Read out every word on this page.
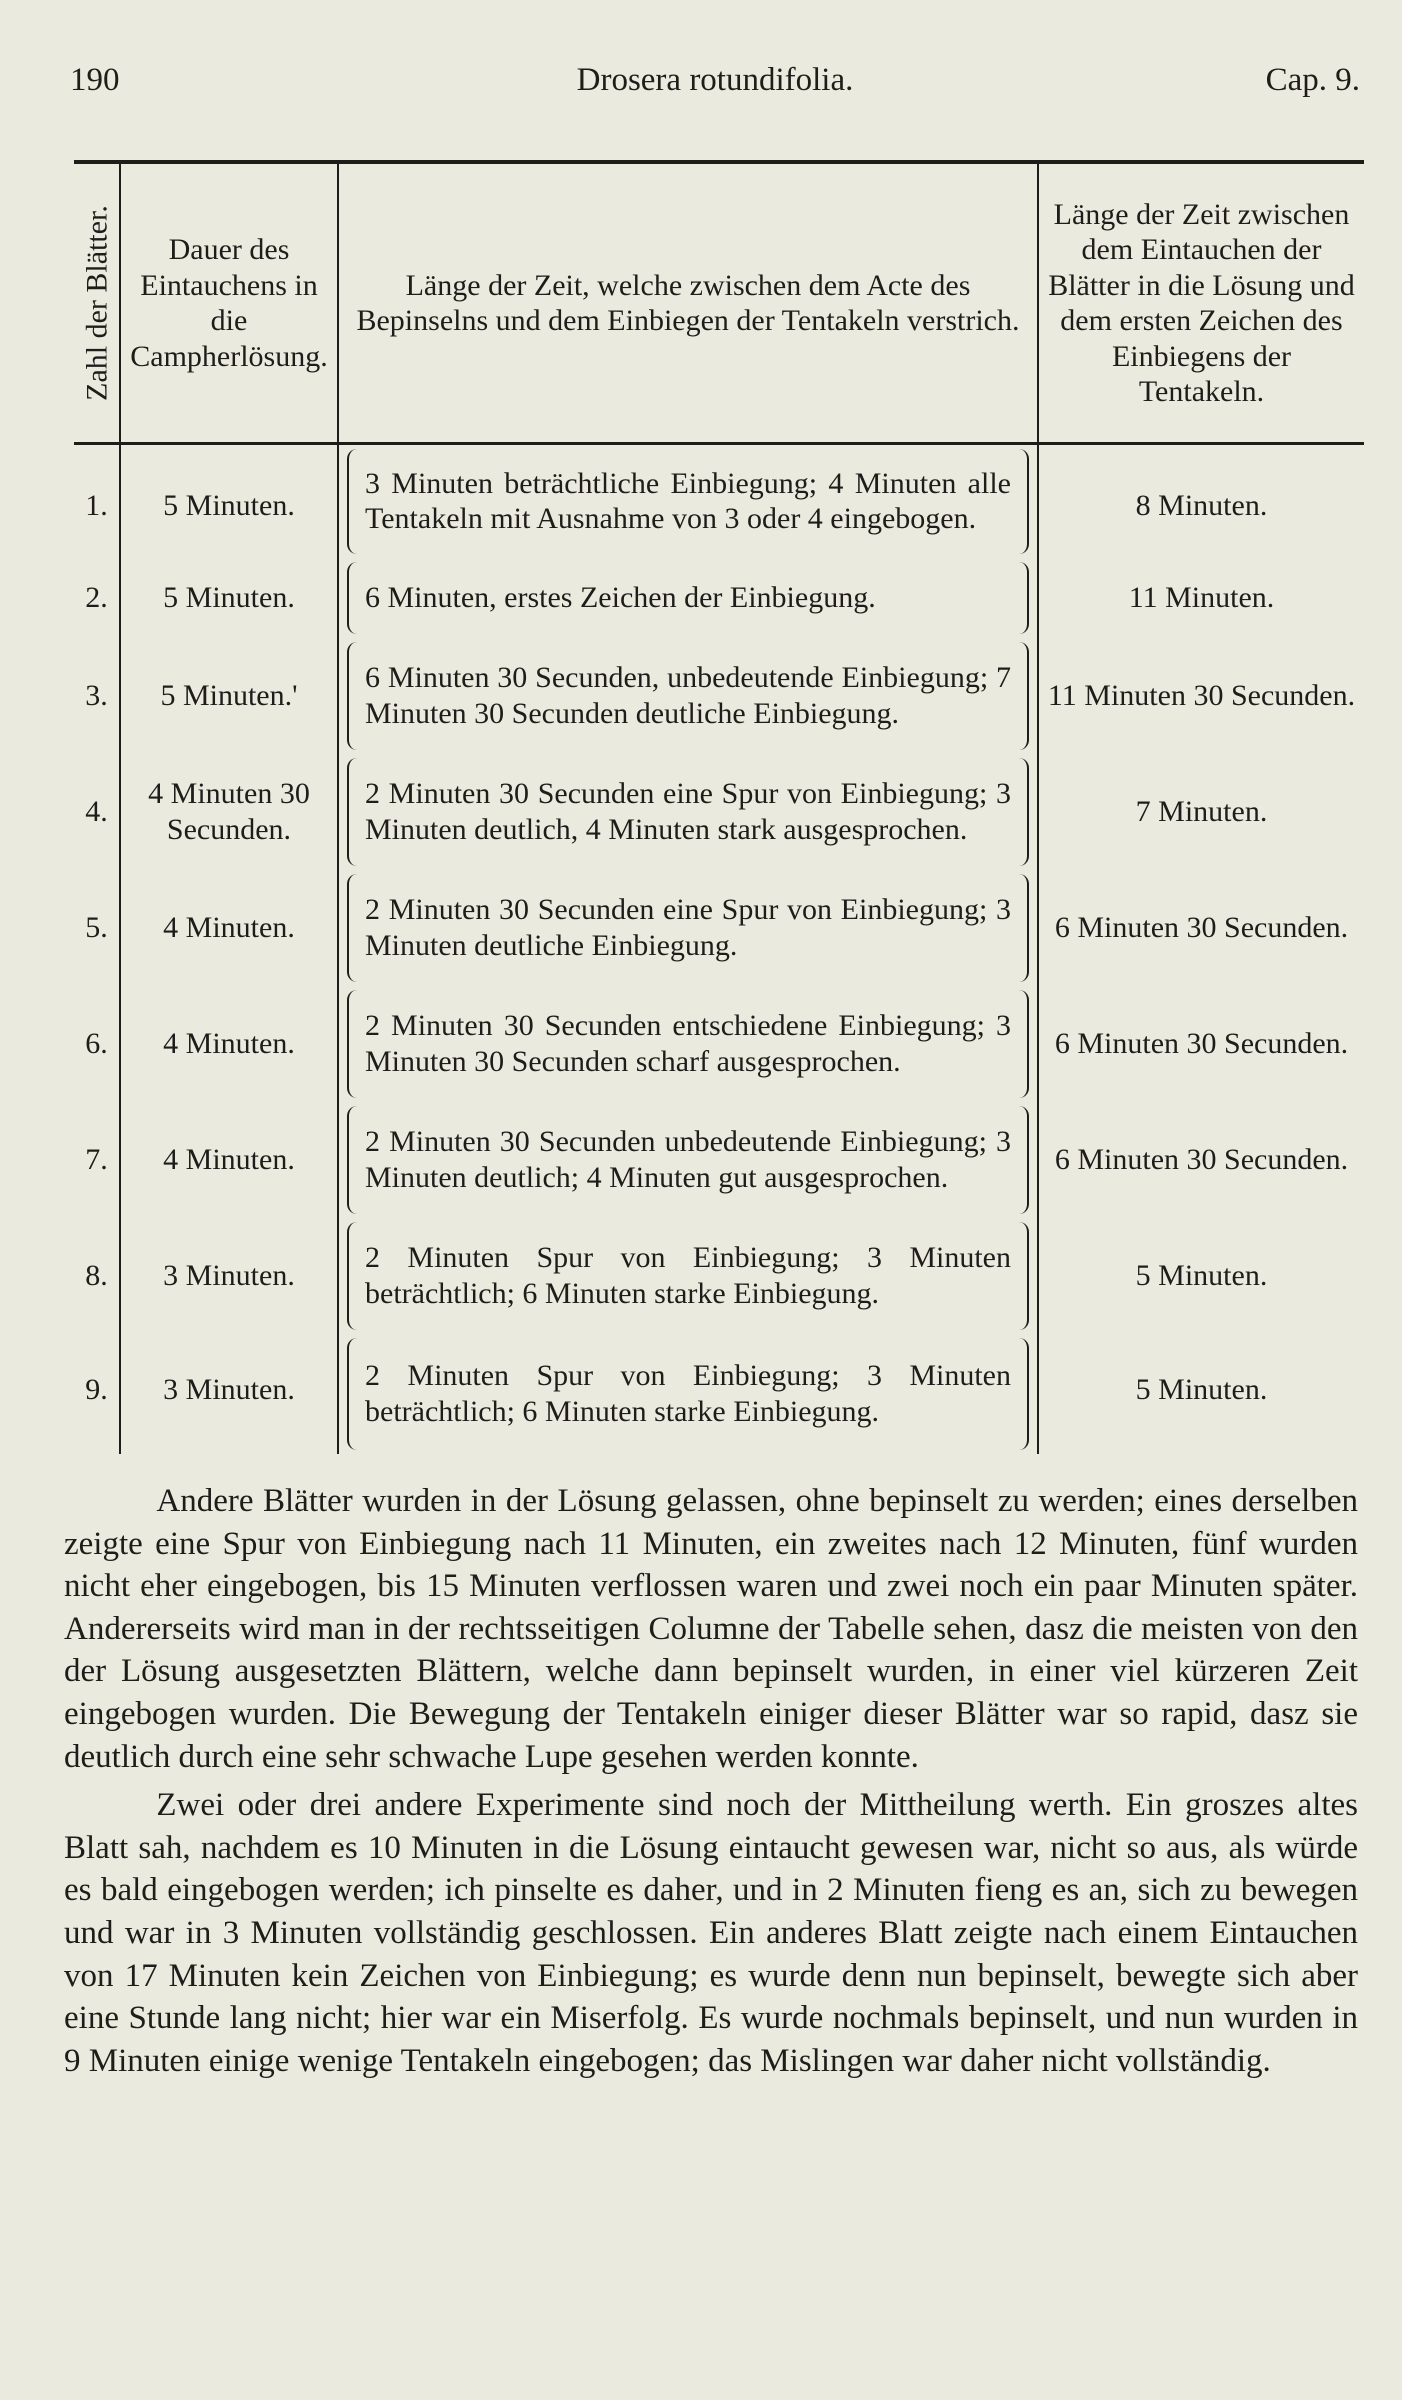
190	Drosera rotundifolia.	Cap. 9.
Zahl der Blätter.	Dauer des Eintauchens in die Campherlösung.	Länge der Zeit, welche zwischen dem Acte des Bepinselns und dem Einbiegen der Tentakeln verstrich.	Länge der Zeit zwischen dem Eintauchen der Blätter in die Lösung und dem ersten Zeichen des Einbiegens der Tentakeln.
1.	5 Minuten.	3 Minuten beträchtliche Einbiegung; 4 Minuten alle Tentakeln mit Ausnahme von 3 oder 4 eingebogen.	8 Minuten.
2.	5 Minuten.	6 Minuten, erstes Zeichen der Einbiegung.	11 Minuten.
3.	5 Minuten.'	6 Minuten 30 Secunden, unbedeutende Einbiegung; 7 Minuten 30 Secunden deutliche Einbiegung.	11 Minuten 30 Secunden.
4.	4 Minuten 30 Secunden.	2 Minuten 30 Secunden eine Spur von Einbiegung; 3 Minuten deutlich, 4 Minuten stark ausgesprochen.	7 Minuten.
5.	4 Minuten.	2 Minuten 30 Secunden eine Spur von Einbiegung; 3 Minuten deutliche Einbiegung.	6 Minuten 30 Secunden.
6.	4 Minuten.	2 Minuten 30 Secunden entschiedene Einbiegung; 3 Minuten 30 Secunden scharf ausgesprochen.	6 Minuten 30 Secunden.
7.	4 Minuten.	2 Minuten 30 Secunden unbedeutende Einbiegung; 3 Minuten deutlich; 4 Minuten gut ausgesprochen.	6 Minuten 30 Secunden.
8.	3 Minuten.	2 Minuten Spur von Einbiegung; 3 Minuten beträchtlich; 6 Minuten starke Einbiegung.	5 Minuten.
9.	3 Minuten.	2 Minuten Spur von Einbiegung; 3 Minuten beträchtlich; 6 Minuten starke Einbiegung.	5 Minuten.

Andere Blätter wurden in der Lösung gelassen, ohne bepinselt zu werden; eines derselben zeigte eine Spur von Einbiegung nach 11 Minuten, ein zweites nach 12 Minuten, fünf wurden nicht eher eingebogen, bis 15 Minuten verflossen waren und zwei noch ein paar Minuten später. Andererseits wird man in der rechtsseitigen Columne der Tabelle sehen, dasz die meisten von den der Lösung ausgesetzten Blättern, welche dann bepinselt wurden, in einer viel kürzeren Zeit eingebogen wurden. Die Bewegung der Tentakeln einiger dieser Blätter war so rapid, dasz sie deutlich durch eine sehr schwache Lupe gesehen werden konnte.

Zwei oder drei andere Experimente sind noch der Mittheilung werth. Ein groszes altes Blatt sah, nachdem es 10 Minuten in die Lösung eintaucht gewesen war, nicht so aus, als würde es bald eingebogen werden; ich pinselte es daher, und in 2 Minuten fieng es an, sich zu bewegen und war in 3 Minuten vollständig geschlossen. Ein anderes Blatt zeigte nach einem Eintauchen von 17 Minuten kein Zeichen von Einbiegung; es wurde denn nun bepinselt, bewegte sich aber eine Stunde lang nicht; hier war ein Miserfolg. Es wurde nochmals bepinselt, und nun wurden in 9 Minuten einige wenige Tentakeln eingebogen; das Mislingen war daher nicht vollständig.
